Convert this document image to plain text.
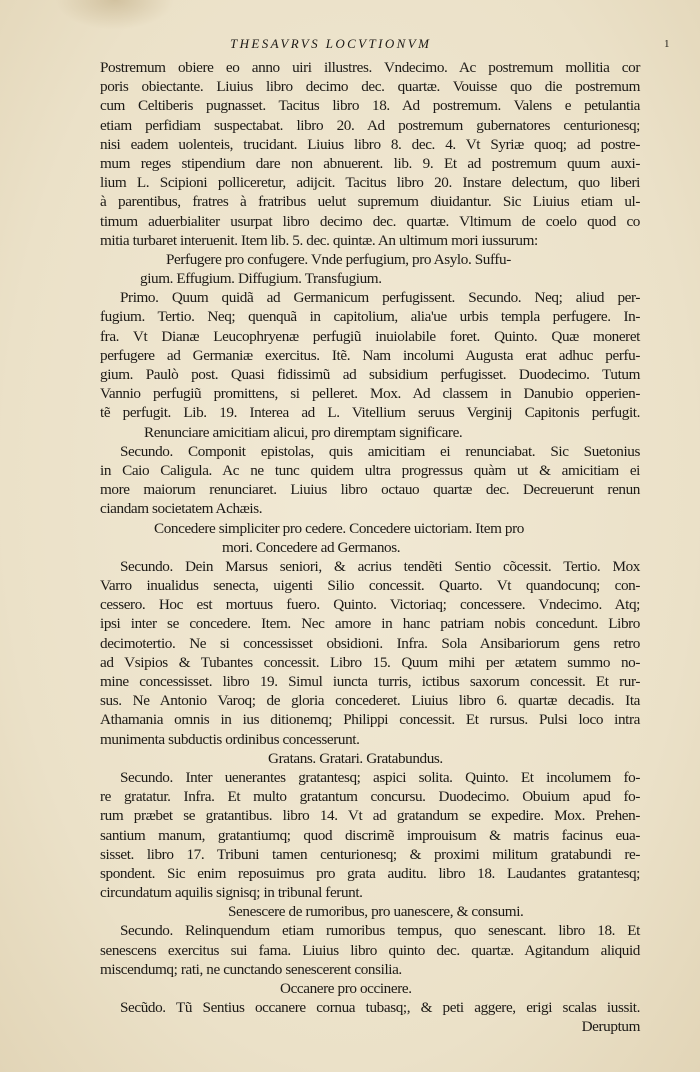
THESAVRVS LOCVTIONVM	1
Postremum obiere eo anno uiri illustres. Vndecimo. Ac postremum mollitia cor
poris obiectante. Liuius libro decimo dec. quartæ. Vouisse quo die postremum
cum Celtiberis pugnasset. Tacitus libro 18. Ad postremum. Valens e petulantia
etiam perfidiam suspectabat. libro 20. Ad postremum gubernatores centurionesq;
nisi eadem uolenteis, trucidant. Liuius libro 8. dec. 4. Vt Syriæ quoq; ad postre-
mum reges stipendium dare non abnuerent. lib. 9. Et ad postremum quum auxi-
lium L. Scipioni polliceretur, adijcit. Tacitus libro 20. Instare delectum, quo liberi
à parentibus, fratres à fratribus uelut supremum diuidantur. Sic Liuius etiam ul-
timum aduerbialiter usurpat libro decimo dec. quartæ. Vltimum de coelo quod co
mitia turbaret interuenit. Item lib. 5. dec. quintæ. An ultimum mori iussurum:
Perfugere pro confugere. Vnde perfugium, pro Asylo. Suffu-
gium. Effugium. Diffugium. Transfugium.
Primo. Quum quidã ad Germanicum perfugissent. Secundo. Neq; aliud per-
fugium. Tertio. Neq; quenquã in capitolium, alia'ue urbis templa perfugere. In-
fra. Vt Dianæ Leucophryenæ perfugiũ inuiolabile foret. Quinto. Quæ moneret
perfugere ad Germaniæ exercitus. Itẽ. Nam incolumi Augusta erat adhuc perfu-
gium. Paulò post. Quasi fidissimũ ad subsidium perfugisset. Duodecimo. Tutum
Vannio perfugiũ promittens, si pelleret. Mox. Ad classem in Danubio opperien-
tẽ perfugit. Lib. 19. Interea ad L. Vitellium seruus Verginij Capitonis perfugit.
Renunciare amicitiam alicui, pro diremptam significare.
Secundo. Componit epistolas, quis amicitiam ei renunciabat. Sic Suetonius
in Caio Caligula. Ac ne tunc quidem ultra progressus quàm ut & amicitiam ei
more maiorum renunciaret. Liuius libro octauo quartæ dec. Decreuerunt renun
ciandam societatem Achæis.
Concedere simpliciter pro cedere. Concedere uictoriam. Item pro
mori. Concedere ad Germanos.
Secundo. Dein Marsus seniori, & acrius tendẽti Sentio cõcessit. Tertio. Mox
Varro inualidus senecta, uigenti Silio concessit. Quarto. Vt quandocunq; con-
cessero. Hoc est mortuus fuero. Quinto. Victoriaq; concessere. Vndecimo. Atq;
ipsi inter se concedere. Item. Nec amore in hanc patriam nobis concedunt. Libro
decimotertio. Ne si concessisset obsidioni. Infra. Sola Ansibariorum gens retro
ad Vsipios & Tubantes concessit. Libro 15. Quum mihi per ætatem summo no-
mine concessisset. libro 19. Simul iuncta turris, ictibus saxorum concessit. Et rur-
sus. Ne Antonio Varoq; de gloria concederet. Liuius libro 6. quartæ decadis. Ita
Athamania omnis in ius ditionemq; Philippi concessit. Et rursus. Pulsi loco intra
munimenta subductis ordinibus concesserunt.
Gratans. Gratari. Gratabundus.
Secundo. Inter uenerantes gratantesq; aspici solita. Quinto. Et incolumem fo-
re gratatur. Infra. Et multo gratantum concursu. Duodecimo. Obuium apud fo-
rum præbet se gratantibus. libro 14. Vt ad gratandum se expedire. Mox. Prehen-
santium manum, gratantiumq; quod discrimẽ improuisum & matris facinus eua-
sisset. libro 17. Tribuni tamen centurionesq; & proximi militum gratabundi re-
spondent. Sic enim reposuimus pro grata auditu. libro 18. Laudantes gratantesq;
circundatum aquilis signisq; in tribunal ferunt.
Senescere de rumoribus, pro uanescere, & consumi.
Secundo. Relinquendum etiam rumoribus tempus, quo senescant. libro 18. Et
senescens exercitus sui fama. Liuius libro quinto dec. quartæ. Agitandum aliquid
miscendumq; rati, ne cunctando senescerent consilia.
Occanere pro occinere.
Secũdo. Tũ Sentius occanere cornua tubasq;, & peti aggere, erigi scalas iussit.
Deruptum
